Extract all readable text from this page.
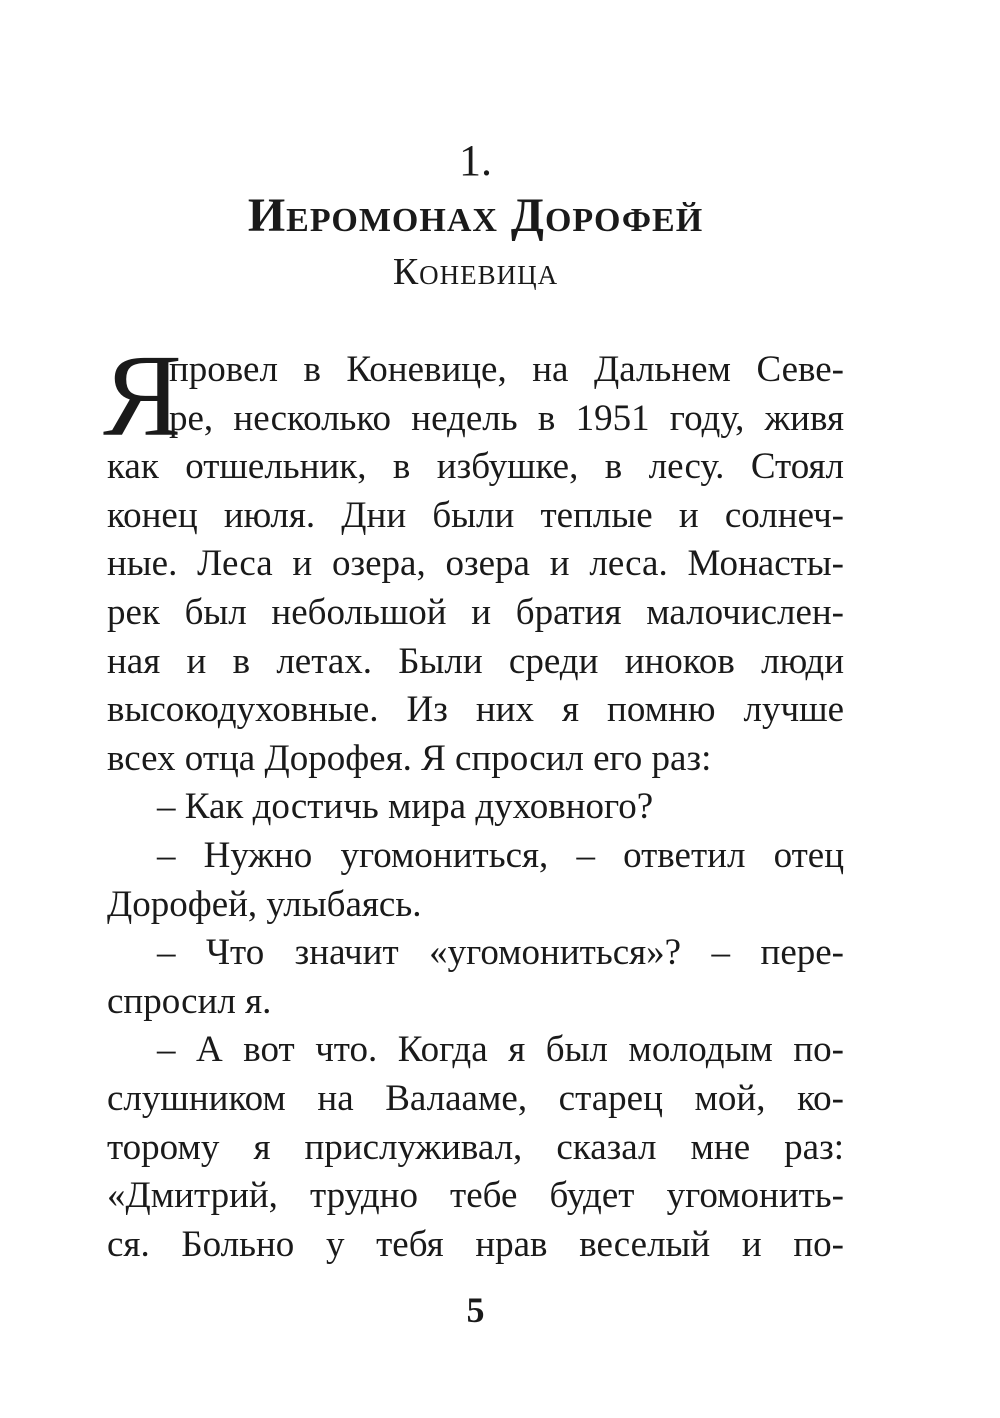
1.
Иеромонах Дорофей
Коневица
Я
провел в Коневице, на Дальнем Севе-
ре, несколько недель в 1951 году, живя
как отшельник, в избушке, в лесу. Стоял
конец июля. Дни были теплые и солнеч-
ные. Леса и озера, озера и леса. Монасты-
рек был небольшой и братия малочислен-
ная и в летах. Были среди иноков люди
высокодуховные. Из них я помню лучше
всех отца Дорофея. Я спросил его раз:
– Как достичь мира духовного?
– Нужно угомониться, – ответил отец
Дорофей, улыбаясь.
– Что значит «угомониться»? – пере-
спросил я.
– А вот что. Когда я был молодым по-
слушником на Валааме, старец мой, ко-
торому я прислуживал, сказал мне раз:
«Дмитрий, трудно тебе будет угомонить-
ся. Больно у тебя нрав веселый и по-
5
